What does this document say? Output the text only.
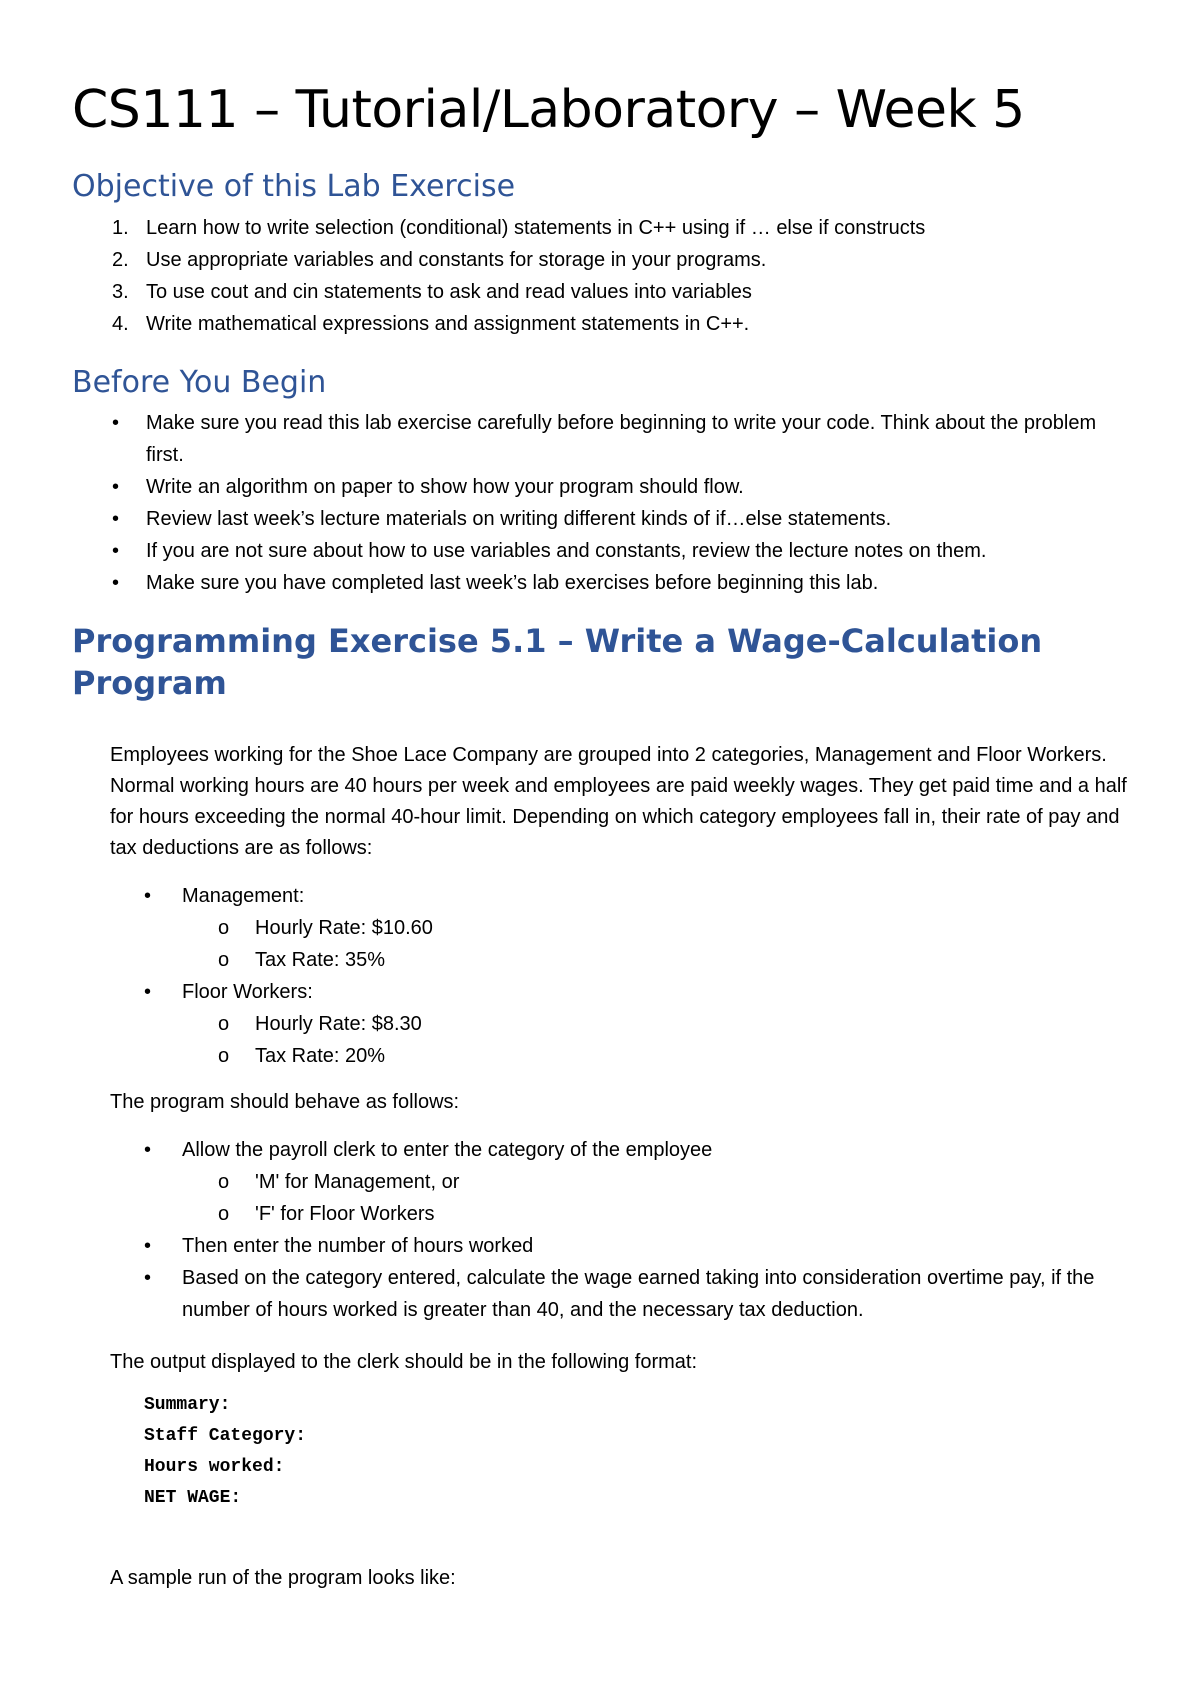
CS111 – Tutorial/Laboratory – Week 5
Objective of this Lab Exercise
1. Learn how to write selection (conditional) statements in C++ using if … else if constructs
2. Use appropriate variables and constants for storage in your programs.
3. To use cout and cin statements to ask and read values into variables
4. Write mathematical expressions and assignment statements in C++.
Before You Begin
•	Make sure you read this lab exercise carefully before beginning to write your code. Think about the problem first.
•	Write an algorithm on paper to show how your program should flow.
•	Review last week’s lecture materials on writing different kinds of if…else statements.
•	If you are not sure about how to use variables and constants, review the lecture notes on them.
•	Make sure you have completed last week’s lab exercises before beginning this lab.
Programming Exercise 5.1 – Write a Wage-Calculation Program

Employees working for the Shoe Lace Company are grouped into 2 categories, Management and Floor Workers. Normal working hours are 40 hours per week and employees are paid weekly wages. They get paid time and a half for hours exceeding the normal 40-hour limit. Depending on which category employees fall in, their rate of pay and tax deductions are as follows:

• Management:
o Hourly Rate: $10.60
o Tax Rate: 35%
• Floor Workers:
o Hourly Rate: $8.30
o Tax Rate: 20%

The program should behave as follows:

• Allow the payroll clerk to enter the category of the employee
o 'M' for Management, or
o 'F' for Floor Workers
• Then enter the number of hours worked
• Based on the category entered, calculate the wage earned taking into consideration overtime pay, if the number of hours worked is greater than 40, and the necessary tax deduction.

The output displayed to the clerk should be in the following format:

Summary:
Staff Category:
Hours worked:
NET WAGE:

A sample run of the program looks like:
